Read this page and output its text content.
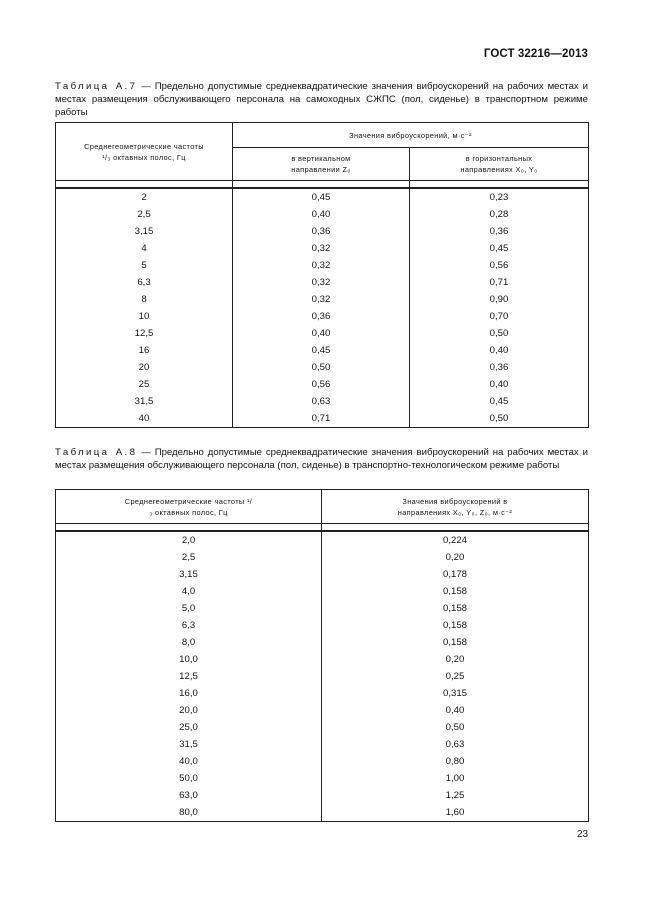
ГОСТ 32216—2013
Таблица А.7 — Предельно допустимые среднеквадратические значения виброускорений на рабочих местах и местах размещения обслуживающего персонала на самоходных СЖПС (пол, сиденье) в транспортном режиме работы
Среднегеометрические частоты ¹/₃ октавных полос, Гц	Значения виброускорений, м·с⁻²	
	в вертикальном направлении Z₀	в горизонтальных направлениях X₀, Y₀

2	0,45	0,23
2,5	0,40	0,28
3,15	0,36	0,36
4	0,32	0,45
5	0,32	0,56
6,3	0,32	0,71
8	0,32	0,90
10	0,36	0,70
12,5	0,40	0,50
16	0,45	0,40
20	0,50	0,36
25	0,56	0,40
31,5	0,63	0,45
40	0,71	0,50
Таблица А.8 — Предельно допустимые среднеквадратические значения виброускорений на рабочих местах и местах размещения обслуживающего персонала (пол, сиденье) в транспортно-технологическом режиме работы
Среднегеометрические частоты ¹/₃ октавных полос, Гц	Значения виброускорений в направлениях X₀, Y₀, Z₀, м·с⁻²

2,0	0,224
2,5	0,20
3,15	0,178
4,0	0,158
5,0	0,158
6,3	0,158
8,0	0,158
10,0	0,20
12,5	0,25
16,0	0,315
20,0	0,40
25,0	0,50
31,5	0,63
40,0	0,80
50,0	1,00
63,0	1,25
80,0	1,60
23
